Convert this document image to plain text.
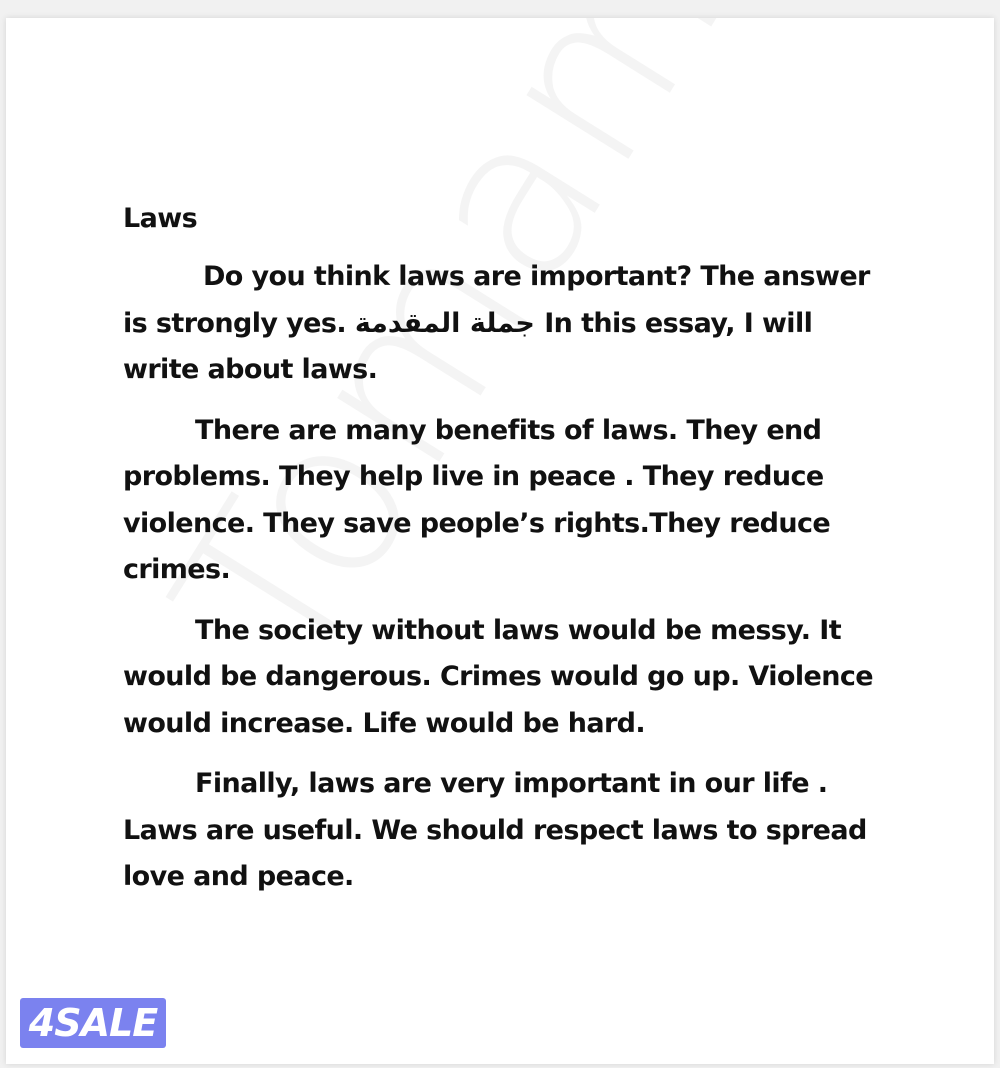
Laws

Do you think laws are important? The answer is strongly yes. جملة المقدمة In this essay, I will write about laws.

There are many benefits of laws. They end problems. They help live in peace . They reduce violence. They save people’s rights.They reduce crimes.

The society without laws would be messy. It would be dangerous. Crimes would go up. Violence would increase. Life would be hard.

Finally, laws are very important in our life . Laws are useful. We should respect laws to spread love and peace.

4SALE
